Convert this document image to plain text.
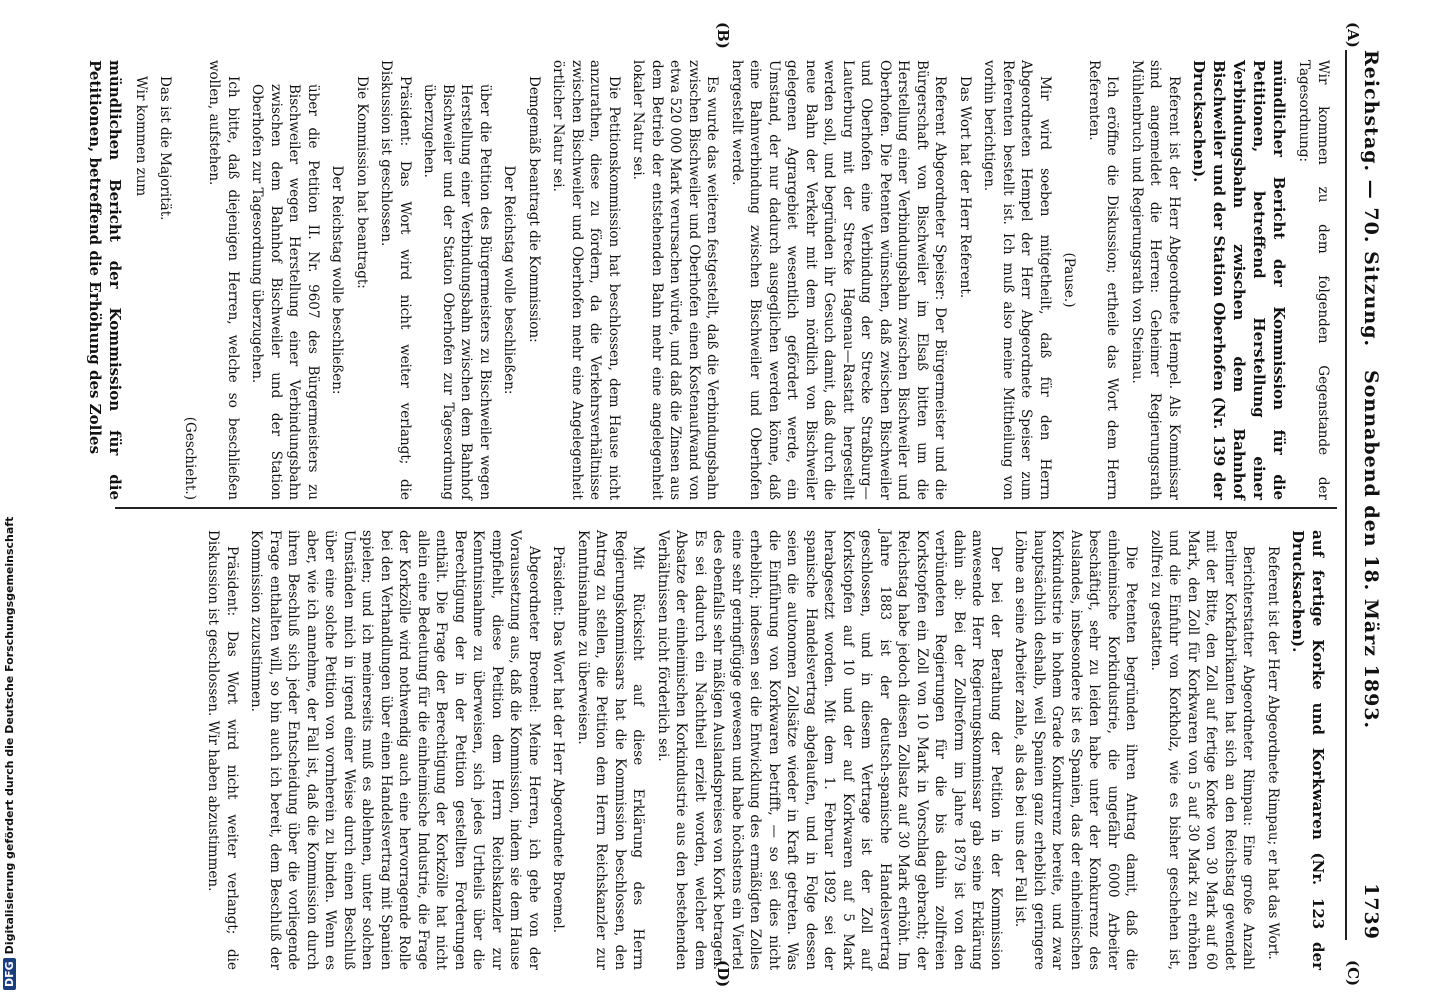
Reichstag. — 70. Sitzung.
Sonnabend den 18. März 1893.
1739
(A)
(B)
(C)
(D)

Wir kommen zu dem folgenden Gegenstande der Tagesordnung:

mündlicher Bericht der Kommission für die Petitionen, betreffend Herstellung einer Verbindungsbahn zwischen dem Bahnhof Bischweiler und der Station Oberhofen (Nr. 139 der Drucksachen).

Referent ist der Herr Abgeordnete Hempel. Als Kommissar sind angemeldet die Herren: Geheimer Regierungsrath Mühlenbruch und Regierungsrath von Steinau.

Ich eröffne die Diskussion; ertheile das Wort dem Herrn Referenten.

(Pause.)

Mir wird soeben mitgetheilt, daß für den Herrn Abgeordneten Hempel der Herr Abgeordnete Speiser zum Referenten bestellt ist. Ich muß also meine Mittheilung von vorhin berichtigen.

Das Wort hat der Herr Referent.

Referent Abgeordneter Speiser: Der Bürgermeister und die Bürgerschaft von Bischweiler im Elsaß bitten um die Herstellung einer Verbindungsbahn zwischen Bischweiler und Oberhofen. Die Petenten wünschen, daß zwischen Bischweiler und Oberhofen eine Verbindung der Strecke Straßburg—Lauterburg mit der Strecke Hagenau—Rastatt hergestellt werden soll, und begründen ihr Gesuch damit, daß durch die neue Bahn der Verkehr mit dem nördlich von Bischweiler gelegenen Agrargebiet wesentlich gefördert werde, ein Umstand, der nur dadurch ausgeglichen werden könne, daß eine Bahnverbindung zwischen Bischweiler und Oberhofen hergestellt werde.

Es wurde das weiteren festgestellt, daß die Verbindungsbahn zwischen Bischweiler und Oberhofen einen Kostenaufwand von etwa 520 000 Mark verursachen würde, und daß die Zinsen aus dem Betrieb der entstehenden Bahn mehr eine angelegenheit lokaler Natur sei.

Die Petitionskommission hat beschlossen, dem Hause nicht anzurathen, diese zu fördern, da die Verkehrsverhältnisse zwischen Bischweiler und Oberhofen mehr eine Angelegenheit örtlicher Natur sei.

Demgemäß beantragt die Kommission:

Der Reichstag wolle beschließen:

über die Petition des Bürgermeisters zu Bischweiler wegen Herstellung einer Verbindungsbahn zwischen dem Bahnhof Bischweiler und der Station Oberhofen zur Tagesordnung überzugehen.

Präsident: Das Wort wird nicht weiter verlangt; die Diskussion ist geschlossen.

Die Kommission hat beantragt:

Der Reichstag wolle beschließen:

über die Petition II. Nr. 9607 des Bürgermeisters zu Bischweiler wegen Herstellung einer Verbindungsbahn zwischen dem Bahnhof Bischweiler und der Station Oberhofen zur Tagesordnung überzugehen.

Ich bitte, daß diejenigen Herren, welche so beschließen wollen, aufstehen.

(Geschieht.)

Das ist die Majorität.

Wir kommen zum

mündlichen Bericht der Kommission für die Petitionen, betreffend die Erhöhung des Zolles

auf fertige Korke und Korkwaren (Nr. 123 der Drucksachen).

Referent ist der Herr Abgeordnete Rimpau; er hat das Wort.

Berichterstatter Abgeordneter Rimpau: Eine große Anzahl Berliner Korkfabrikanten hat sich an den Reichstag gewendet mit der Bitte, den Zoll auf fertige Korke von 30 Mark auf 60 Mark, den Zoll für Korkwaren von 5 auf 30 Mark zu erhöhen und die Einfuhr von Korkholz, wie es bisher geschehen ist, zollfrei zu gestatten.

Die Petenten begründen ihren Antrag damit, daß die einheimische Korkindustrie, die ungefähr 6000 Arbeiter beschäftigt, sehr zu leiden habe unter der Konkurrenz des Auslandes, insbesondere ist es Spanien, das der einheimischen Korkindustrie in hohem Grade Konkurrenz bereite, und zwar hauptsächlich deshalb, weil Spanien ganz erheblich geringere Löhne an seine Arbeiter zahle, als das bei uns der Fall ist.

Der bei der Berathung der Petition in der Kommission anwesende Herr Regierungskommissar gab seine Erklärung dahin ab: Bei der Zollreform im Jahre 1879 ist von den verbündeten Regierungen für die bis dahin zollfreien Korkstopfen ein Zoll von 10 Mark in Vorschlag gebracht; der Reichstag habe jedoch diesen Zollsatz auf 30 Mark erhöht. Im Jahre 1883 ist der deutsch-spanische Handelsvertrag geschlossen, und in diesem Vertrage ist der Zoll auf Korkstopfen auf 10 und der auf Korkwaren auf 5 Mark herabgesetzt worden. Mit dem 1. Februar 1892 sei der spanische Handelsvertrag abgelaufen, und in Folge dessen seien die autonomen Zollsätze wieder in Kraft getreten. Was die Einführung von Korkwaren betrifft, — so sei dies nicht erheblich; indessen sei die Entwicklung des ermäßigten Zolles eine sehr geringfügige gewesen und habe höchstens ein Viertel des ebenfalls sehr mäßigen Auslandspreises von Kork betragen. Es sei dadurch ein Nachtheil erzielt worden, welcher dem Absatze der einheimischen Korkindustrie aus den bestehenden Verhältnissen nicht förderlich sei.

Mit Rücksicht auf diese Erklärung des Herrn Regierungskommissars hat die Kommission beschlossen, den Antrag zu stellen, die Petition dem Herrn Reichskanzler zur Kenntnisnahme zu überweisen.

Präsident: Das Wort hat der Herr Abgeordnete Broemel.

Abgeordneter Broemel: Meine Herren, ich gehe von der Voraussetzung aus, daß die Kommission, indem sie dem Hause empfiehlt, diese Petition dem Herrn Reichskanzler zur Kenntnisnahme zu überweisen, sich jedes Urtheils über die Berechtigung der in der Petition gestellten Forderungen enthält. Die Frage der Berechtigung der Korkzölle hat nicht allein eine Bedeutung für die einheimische Industrie, die Frage der Korkzölle wird nothwendig auch eine hervorragende Rolle bei den Verhandlungen über einen Handelsvertrag mit Spanien spielen; und ich meinerseits muß es ablehnen, unter solchen Umständen mich in irgend einer Weise durch einen Beschluß über eine solche Petition von vornherein zu binden. Wenn es aber, wie ich annehme, der Fall ist, daß die Kommission durch ihren Beschluß sich jeder Entscheidung über die vorliegende Frage enthalten will, so bin auch ich bereit, dem Beschluß der Kommission zuzustimmen.

Präsident: Das Wort wird nicht weiter verlangt; die Diskussion ist geschlossen. Wir haben abzustimmen.

DFGDigitalisierung gefördert durch die Deutsche Forschungsgemeinschaft
